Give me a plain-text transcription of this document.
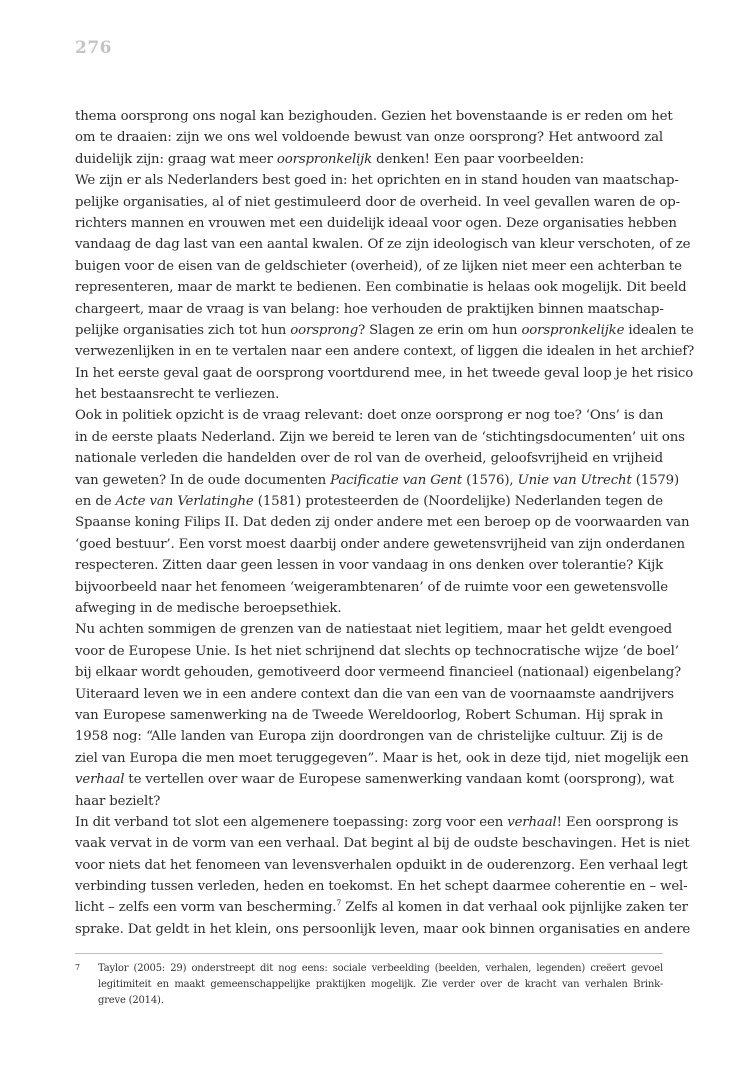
276
thema oorsprong ons nogal kan bezighouden. Gezien het bovenstaande is er reden om het
om te draaien: zijn we ons wel voldoende bewust van onze oorsprong? Het antwoord zal
duidelijk zijn: graag wat meer oorspronkelijk denken! Een paar voorbeelden:
We zijn er als Nederlanders best goed in: het oprichten en in stand houden van maatschap-
pelijke organisaties, al of niet gestimuleerd door de overheid. In veel gevallen waren de op-
richters mannen en vrouwen met een duidelijk ideaal voor ogen. Deze organisaties hebben
vandaag de dag last van een aantal kwalen. Of ze zijn ideologisch van kleur verschoten, of ze
buigen voor de eisen van de geldschieter (overheid), of ze lijken niet meer een achterban te
representeren, maar de markt te bedienen. Een combinatie is helaas ook mogelijk. Dit beeld
chargeert, maar de vraag is van belang: hoe verhouden de praktijken binnen maatschap-
pelijke organisaties zich tot hun oorsprong? Slagen ze erin om hun oorspronkelijke idealen te
verwezenlijken in en te vertalen naar een andere context, of liggen die idealen in het archief?
In het eerste geval gaat de oorsprong voortdurend mee, in het tweede geval loop je het risico
het bestaansrecht te verliezen.
Ook in politiek opzicht is de vraag relevant: doet onze oorsprong er nog toe? ‘Ons’ is dan
in de eerste plaats Nederland. Zijn we bereid te leren van de ‘stichtingsdocumenten’ uit ons
nationale verleden die handelden over de rol van de overheid, geloofsvrijheid en vrijheid
van geweten? In de oude documenten Pacificatie van Gent (1576), Unie van Utrecht (1579)
en de Acte van Verlatinghe (1581) protesteerden de (Noordelijke) Nederlanden tegen de
Spaanse koning Filips II. Dat deden zij onder andere met een beroep op de voorwaarden van
‘goed bestuur’. Een vorst moest daarbij onder andere gewetensvrijheid van zijn onderdanen
respecteren. Zitten daar geen lessen in voor vandaag in ons denken over tolerantie? Kijk
bijvoorbeeld naar het fenomeen ‘weigerambtenaren’ of de ruimte voor een gewetensvolle
afweging in de medische beroepsethiek.
Nu achten sommigen de grenzen van de natiestaat niet legitiem, maar het geldt evengoed
voor de Europese Unie. Is het niet schrijnend dat slechts op technocratische wijze ‘de boel’
bij elkaar wordt gehouden, gemotiveerd door vermeend financieel (nationaal) eigenbelang?
Uiteraard leven we in een andere context dan die van een van de voornaamste aandrijvers
van Europese samenwerking na de Tweede Wereldoorlog, Robert Schuman. Hij sprak in
1958 nog: “Alle landen van Europa zijn doordrongen van de christelijke cultuur. Zij is de
ziel van Europa die men moet teruggegeven”. Maar is het, ook in deze tijd, niet mogelijk een
verhaal te vertellen over waar de Europese samenwerking vandaan komt (oorsprong), wat
haar bezielt?
In dit verband tot slot een algemenere toepassing: zorg voor een verhaal! Een oorsprong is
vaak vervat in de vorm van een verhaal. Dat begint al bij de oudste beschavingen. Het is niet
voor niets dat het fenomeen van levensverhalen opduikt in de ouderenzorg. Een verhaal legt
verbinding tussen verleden, heden en toekomst. En het schept daarmee coherentie en – wel-
licht – zelfs een vorm van bescherming.$^7$ Zelfs al komen in dat verhaal ook pijnlijke zaken ter
sprake. Dat geldt in het klein, ons persoonlijk leven, maar ook binnen organisaties en andere
7 Taylor (2005: 29) onderstreept dit nog eens: sociale verbeelding (beelden, verhalen, legenden) creëert gevoel
legitimiteit en maakt gemeenschappelijke praktijken mogelijk. Zie verder over de kracht van verhalen Brink-
greve (2014).
